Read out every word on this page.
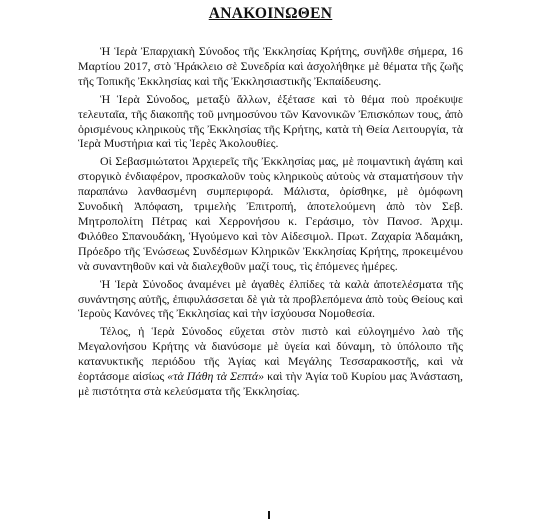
ΑΝΑΚΟΙΝΩΘΕΝ

Ἡ Ἱερὰ Ἐπαρχιακὴ Σύνοδος τῆς Ἐκκλησίας Κρήτης, συνῆλθε σήμερα, 16 Μαρτίου 2017, στὸ Ἡράκλειο σὲ Συνεδρία καὶ ἀσχολήθηκε μὲ θέματα τῆς ζωῆς τῆς Τοπικῆς Ἐκκλησίας καὶ τῆς Ἐκκλησιαστικῆς Ἐκπαίδευσης.

Ἡ Ἱερὰ Σύνοδος, μεταξὺ ἄλλων, ἐξέτασε καὶ τὸ θέμα ποὺ προέκυψε τελευταῖα, τῆς διακοπῆς τοῦ μνημοσύνου τῶν Κανονικῶν Ἐπισκόπων τους, ἀπὸ ὁρισμένους κληρικοὺς τῆς Ἐκκλησίας τῆς Κρήτης, κατὰ τὴ Θεία Λειτουργία, τὰ Ἱερὰ Μυστήρια καὶ τὶς Ἱερὲς Ἀκολουθίες.

Οἱ Σεβασμιώτατοι Ἀρχιερεῖς τῆς Ἐκκλησίας μας, μὲ ποιμαντικὴ ἀγάπη καὶ στοργικὸ ἐνδιαφέρον, προσκαλοῦν τοὺς κληρικοὺς αὐτοὺς νὰ σταματήσουν τὴν παραπάνω λανθασμένη συμπεριφορά. Μάλιστα, ὁρίσθηκε, μὲ ὁμόφωνη Συνοδικὴ Ἀπόφαση, τριμελὴς Ἐπιτροπή, ἀποτελούμενη ἀπὸ τὸν Σεβ. Μητροπολίτη Πέτρας καὶ Χερρονήσου κ. Γεράσιμο, τὸν Πανοσ. Ἀρχιμ. Φιλόθεο Σπανουδάκη, Ἡγούμενο καὶ τὸν Αἰδεσιμολ. Πρωτ. Ζαχαρία Ἀδαμάκη, Πρόεδρο τῆς Ἑνώσεως Συνδέσμων Κληρικῶν Ἐκκλησίας Κρήτης, προκειμένου νὰ συναντηθοῦν καὶ νὰ διαλεχθοῦν μαζί τους, τὶς ἑπόμενες ἡμέρες.

Ἡ Ἱερὰ Σύνοδος ἀναμένει μὲ ἀγαθὲς ἐλπίδες τὰ καλὰ ἀποτελέσματα τῆς συνάντησης αὐτῆς, ἐπιφυλάσσεται δὲ γιὰ τὰ προβλεπόμενα ἀπὸ τοὺς Θείους καὶ Ἱεροὺς Κανόνες τῆς Ἐκκλησίας καὶ τὴν ἰσχύουσα Νομοθεσία.

Τέλος, ἡ Ἱερὰ Σύνοδος εὔχεται στὸν πιστὸ καὶ εὐλογημένο λαὸ τῆς Μεγαλονήσου Κρήτης νὰ διανύσομε μὲ ὑγεία καὶ δύναμη, τὸ ὑπόλοιπο τῆς κατανυκτικῆς περιόδου τῆς Ἁγίας καὶ Μεγάλης Τεσσαρακοστῆς, καὶ νὰ ἑορτάσομε αἰσίως «τὰ Πάθη τὰ Σεπτά» καὶ τὴν Ἁγία τοῦ Κυρίου μας Ἀνάσταση, μὲ πιστότητα στὰ κελεύσματα τῆς Ἐκκλησίας.
